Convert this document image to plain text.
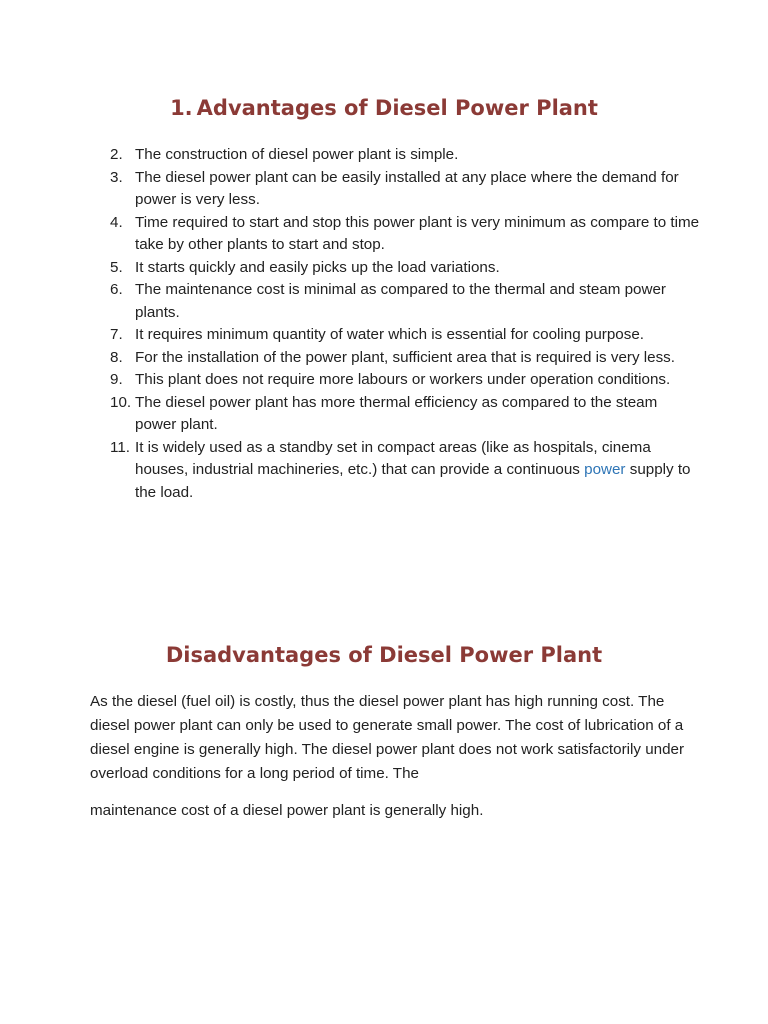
1. Advantages of Diesel Power Plant
2. The construction of diesel power plant is simple.
3. The diesel power plant can be easily installed at any place where the demand for power is very less.
4. Time required to start and stop this power plant is very minimum as compare to time take by other plants to start and stop.
5. It starts quickly and easily picks up the load variations.
6. The maintenance cost is minimal as compared to the thermal and steam power plants.
7. It requires minimum quantity of water which is essential for cooling purpose.
8. For the installation of the power plant, sufficient area that is required is very less.
9. This plant does not require more labours or workers under operation conditions.
10. The diesel power plant has more thermal efficiency as compared to the steam power plant.
11. It is widely used as a standby set in compact areas (like as hospitals, cinema houses, industrial machineries, etc.) that can provide a continuous power supply to the load.
Disadvantages of Diesel Power Plant

As the diesel (fuel oil) is costly, thus the diesel power plant has high running cost. The diesel power plant can only be used to generate small power. The cost of lubrication of a diesel engine is generally high. The diesel power plant does not work satisfactorily under overload conditions for a long period of time. The

maintenance cost of a diesel power plant is generally high.
